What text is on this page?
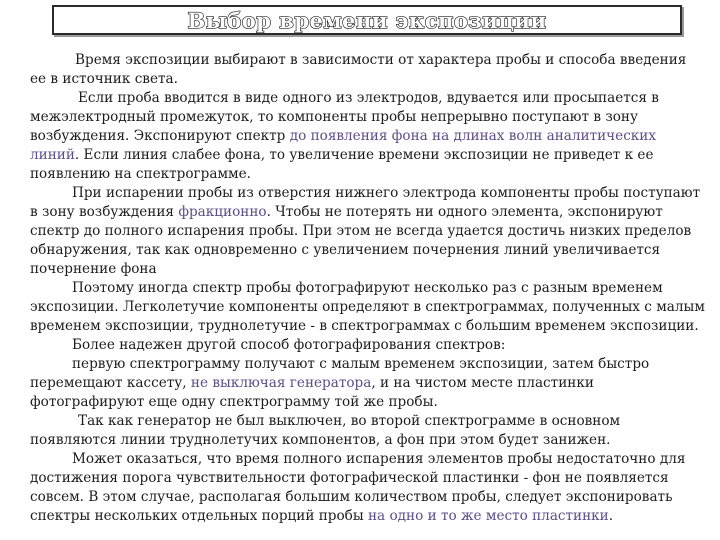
Выбор времени экспозиции

Время экспозиции выбирают в зависимости от характера пробы и способа введения ее в источник света.

Если проба вводится в виде одного из электродов, вдувается или просыпается в межэлектродный промежуток, то компоненты пробы непрерывно поступают в зону возбуждения. Экспонируют спектр до появления фона на длинах волн аналитических линий. Если линия слабее фона, то увеличение времени экспозиции не приведет к ее появлению на спектрограмме.

При испарении пробы из отверстия нижнего электрода компоненты пробы поступают в зону возбуждения фракционно. Чтобы не потерять ни одного элемента, экспонируют спектр до полного испарения пробы. При этом не всегда удается достичь низких пределов обнаружения, так как одновременно с увеличением почернения линий увеличивается почернение фона

Поэтому иногда спектр пробы фотографируют несколько раз с разным временем экспозиции. Легколетучие компоненты определяют в спектрограммах, полученных с малым временем экспозиции, труднолетучие - в спектрограммах с большим временем экспозиции.

Более надежен другой способ фотографирования спектров:

первую спектрограмму получают с малым временем экспозиции, затем быстро перемещают кассету, не выключая генератора, и на чистом месте пластинки фотографируют еще одну спектрограмму той же пробы.

Так как генератор не был выключен, во второй спектрограмме в основном появляются линии труднолетучих компонентов, а фон при этом будет занижен.

Может оказаться, что время полного испарения элементов пробы недостаточно для достижения порога чувствительности фотографической пластинки - фон не появляется совсем. В этом случае, располагая большим количеством пробы, следует экспонировать спектры нескольких отдельных порций пробы на одно и то же место пластинки.
